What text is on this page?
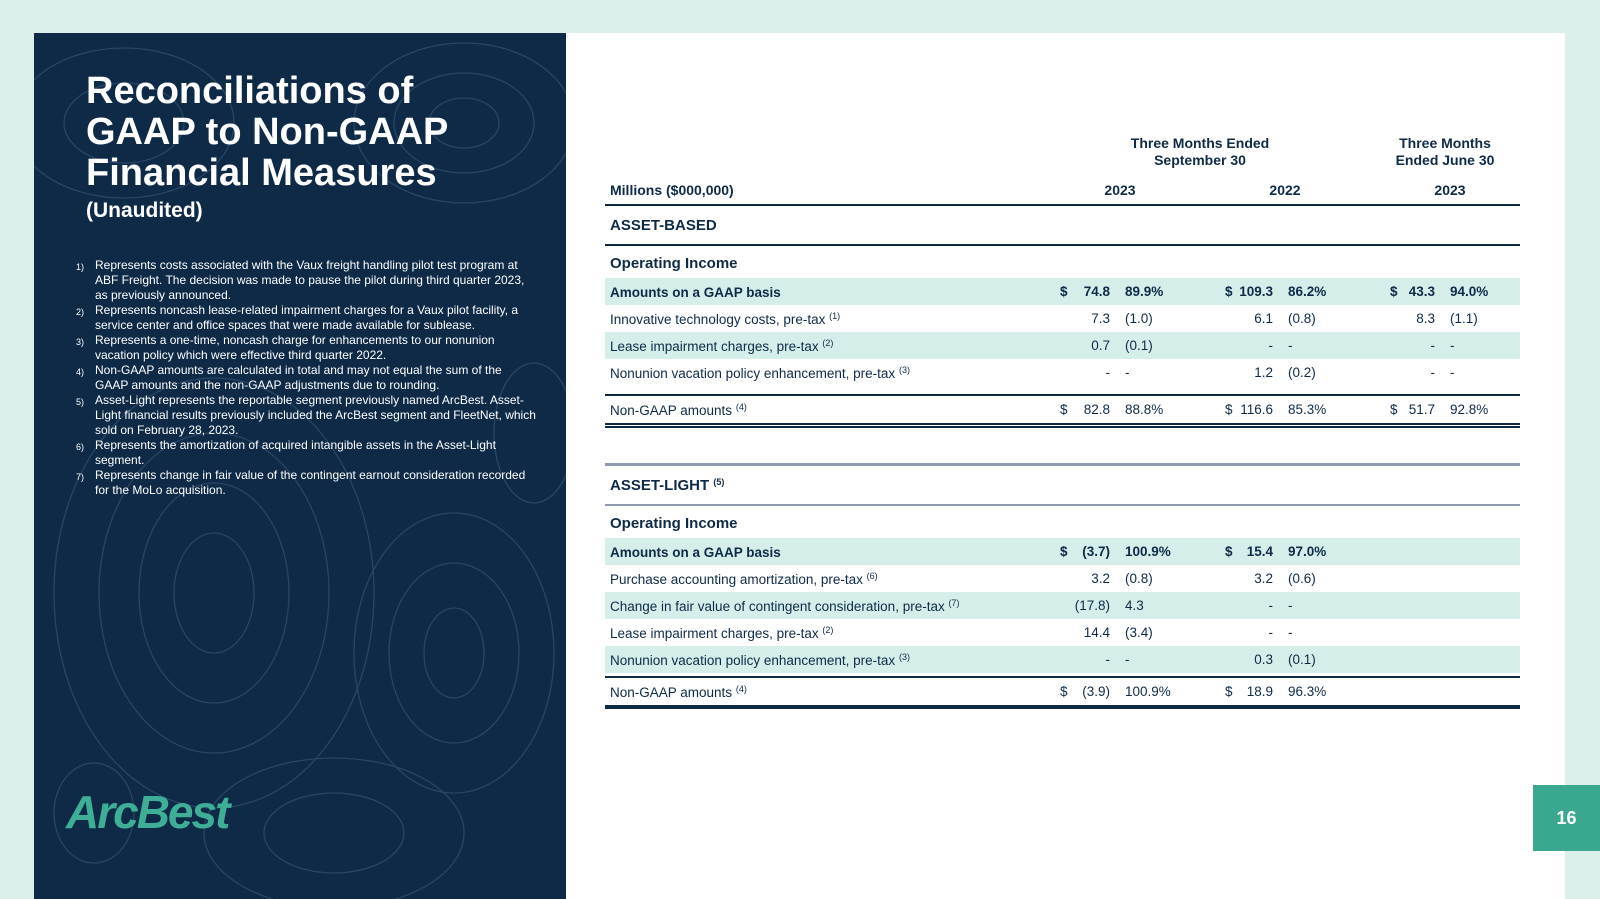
Reconciliations of GAAP to Non-GAAP Financial Measures
(Unaudited)
1) Represents costs associated with the Vaux freight handling pilot test program at ABF Freight. The decision was made to pause the pilot during third quarter 2023, as previously announced.
2) Represents noncash lease-related impairment charges for a Vaux pilot facility, a service center and office spaces that were made available for sublease.
3) Represents a one-time, noncash charge for enhancements to our nonunion vacation policy which were effective third quarter 2022.
4) Non-GAAP amounts are calculated in total and may not equal the sum of the GAAP amounts and the non-GAAP adjustments due to rounding.
5) Asset-Light represents the reportable segment previously named ArcBest. Asset-Light financial results previously included the ArcBest segment and FleetNet, which sold on February 28, 2023.
6) Represents the amortization of acquired intangible assets in the Asset-Light segment.
7) Represents change in fair value of the contingent earnout consideration recorded for the MoLo acquisition.
ArcBest
Three Months Ended September 30
Three Months Ended June 30
Millions ($000,000)	2023	2022	2023
ASSET-BASED
Operating Income
Amounts on a GAAP basis	$ 74.8 89.9%	$ 109.3 86.2%	$ 43.3 94.0%
Innovative technology costs, pre-tax $^{(1)}$	7.3 (1.0)	6.1 (0.8)	8.3 (1.1)
Lease impairment charges, pre-tax $^{(2)}$	0.7 (0.1)	- -	- -
Nonunion vacation policy enhancement, pre-tax $^{(3)}$	- -	1.2 (0.2)	- -
Non-GAAP amounts $^{(4)}$	$ 82.8 88.8%	$ 116.6 85.3%	$ 51.7 92.8%
ASSET-LIGHT $^{(5)}$
Operating Income
Amounts on a GAAP basis	$ (3.7) 100.9%	$ 15.4 97.0%
Purchase accounting amortization, pre-tax $^{(6)}$	3.2 (0.8)	3.2 (0.6)
Change in fair value of contingent consideration, pre-tax $^{(7)}$	(17.8) 4.3	- -
Lease impairment charges, pre-tax $^{(2)}$	14.4 (3.4)	- -
Nonunion vacation policy enhancement, pre-tax $^{(3)}$	- -	0.3 (0.1)
Non-GAAP amounts $^{(4)}$	$ (3.9) 100.9%	$ 18.9 96.3%
16
